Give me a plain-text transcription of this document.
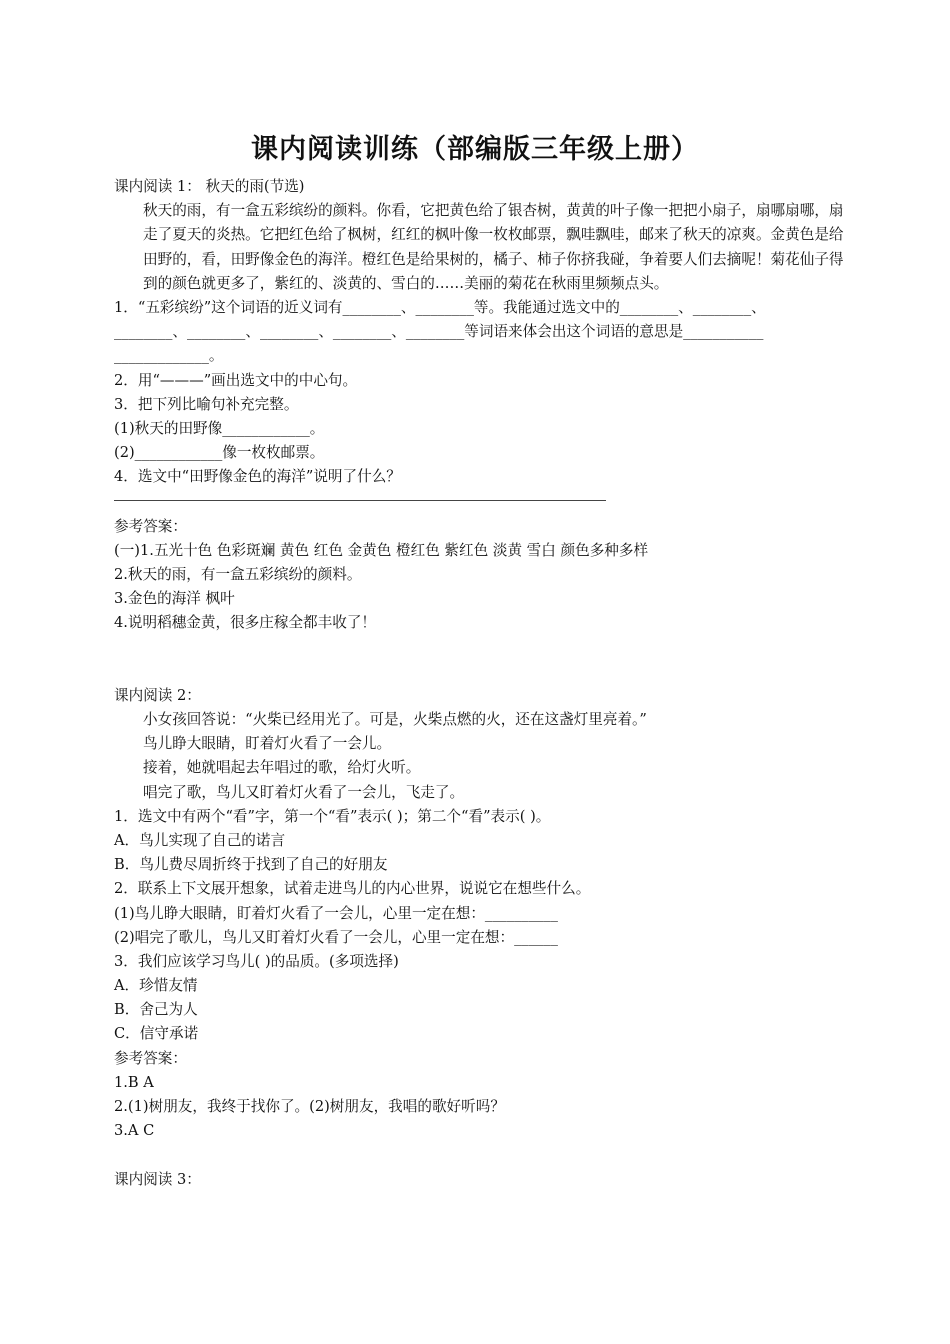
课内阅读训练（部编版三年级上册）
课内阅读 1： 秋天的雨(节选)
秋天的雨，有一盒五彩缤纷的颜料。你看，它把黄色给了银杏树，黄黄的叶子像一把把小扇子，扇哪扇哪，扇走了夏天的炎热。它把红色给了枫树，红红的枫叶像一枚枚邮票，飘哇飘哇，邮来了秋天的凉爽。金黄色是给田野的，看，田野像金色的海洋。橙红色是给果树的，橘子、柿子你挤我碰，争着要人们去摘呢！菊花仙子得到的颜色就更多了，紫红的、淡黄的、雪白的……美丽的菊花在秋雨里频频点头。
1．“五彩缤纷”这个词语的近义词有________、________等。我能通过选文中的________、________、
________、________、________、________、________等词语来体会出这个词语的意思是___________
_____________。
2．用“———”画出选文中的中心句。
3．把下列比喻句补充完整。
(1)秋天的田野像____________。
(2)____________像一枚枚邮票。
4．选文中“田野像金色的海洋”说明了什么？
参考答案：
(一)1.五光十色 色彩斑斓 黄色 红色 金黄色 橙红色 紫红色 淡黄 雪白 颜色多种多样
2.秋天的雨，有一盒五彩缤纷的颜料。
3.金色的海洋 枫叶
4.说明稻穗金黄，很多庄稼全都丰收了！
课内阅读 2：
小女孩回答说：“火柴已经用光了。可是，火柴点燃的火，还在这盏灯里亮着。”
鸟儿睁大眼睛，盯着灯火看了一会儿。
接着，她就唱起去年唱过的歌，给灯火听。
唱完了歌，鸟儿又盯着灯火看了一会儿，飞走了。
1．选文中有两个“看”字，第一个“看”表示( )；第二个“看”表示( )。
A．鸟儿实现了自己的诺言
B．鸟儿费尽周折终于找到了自己的好朋友
2．联系上下文展开想象，试着走进鸟儿的内心世界，说说它在想些什么。
(1)鸟儿睁大眼睛，盯着灯火看了一会儿，心里一定在想：__________
(2)唱完了歌儿，鸟儿又盯着灯火看了一会儿，心里一定在想：______
3．我们应该学习鸟儿( )的品质。(多项选择)
A．珍惜友情
B．舍己为人
C．信守承诺
参考答案：
1.B A
2.(1)树朋友，我终于找你了。(2)树朋友，我唱的歌好听吗？
3.A C
课内阅读 3：
